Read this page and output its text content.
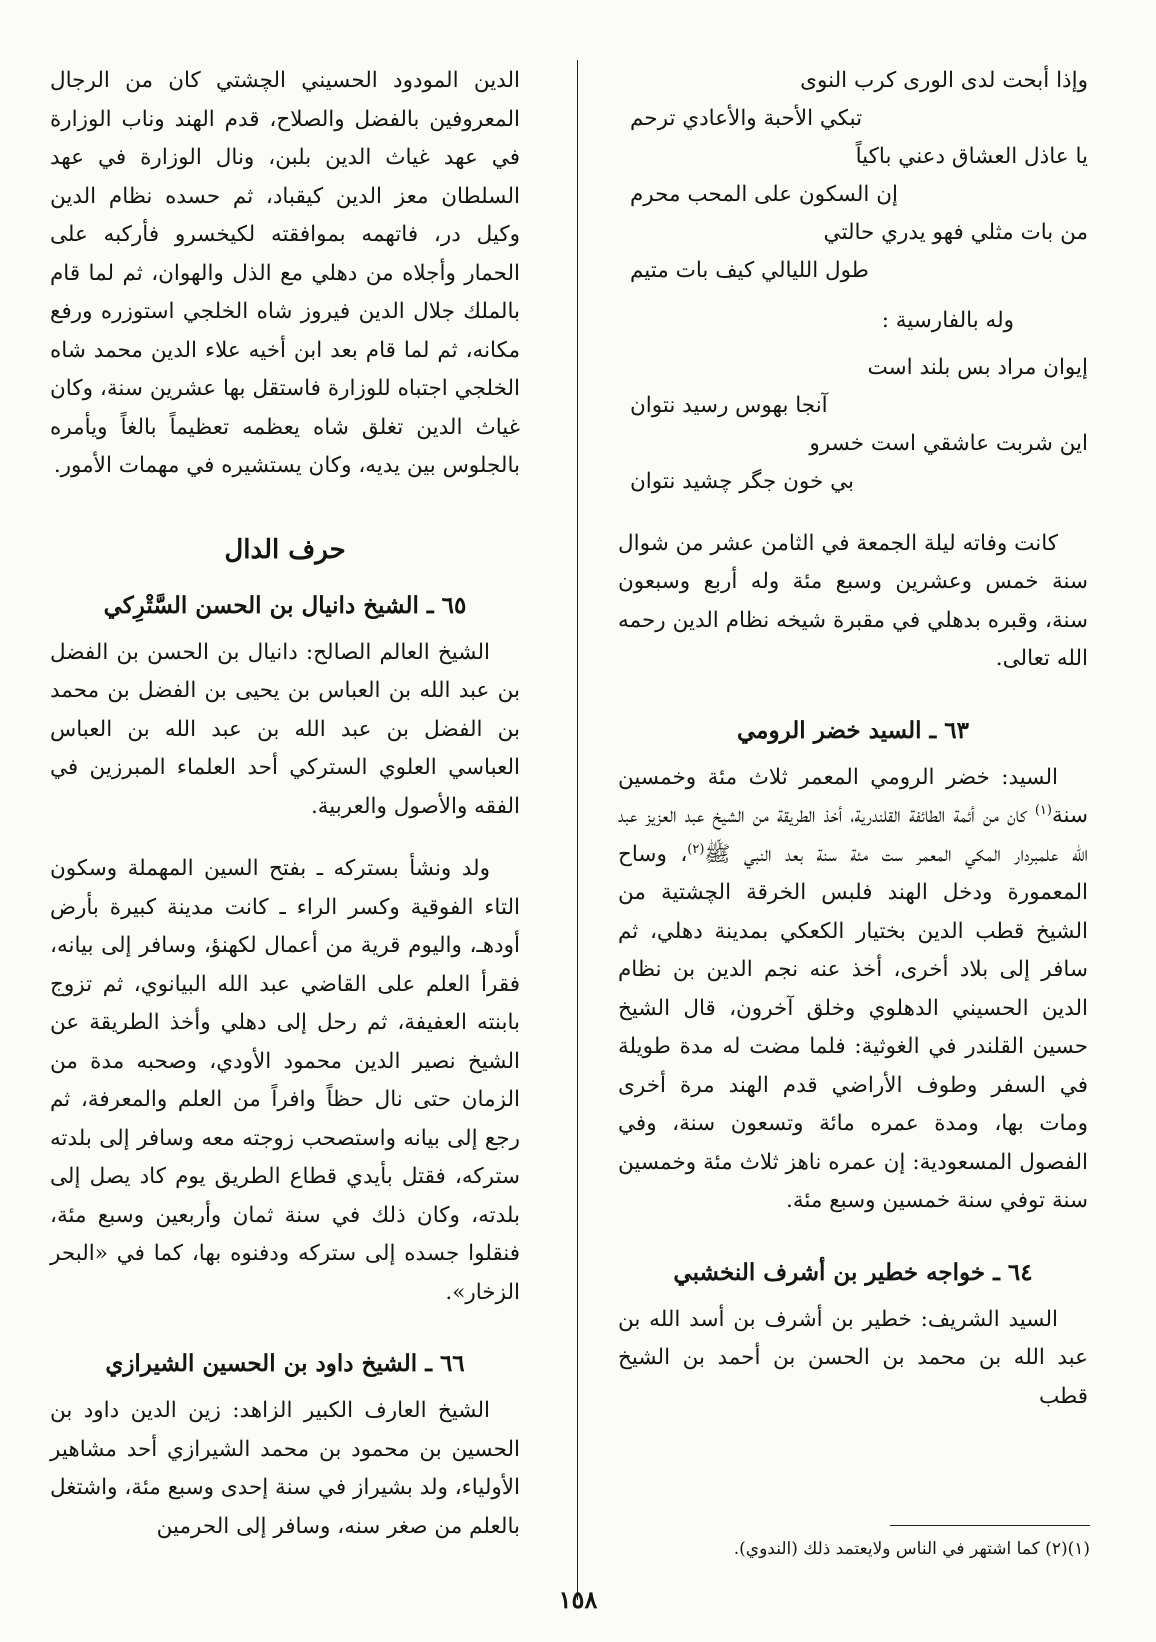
وإذا أبحت لدى الورى كرب النوى

تبكي الأحبة والأعادي ترحم

يا عاذل العشاق دعني باكياً

إن السكون على المحب محرم

من بات مثلي فهو يدري حالتي

طول الليالي كيف بات متيم

وله بالفارسية :

إيوان مراد بس بلند است

آنجا بهوس رسيد نتوان

اين شربت عاشقي است خسرو

بي خون جگر چشيد نتوان

كانت وفاته ليلة الجمعة في الثامن عشر من شوال سنة خمس وعشرين وسبع مئة وله أربع وسبعون سنة، وقبره بدهلي في مقبرة شيخه نظام الدين رحمه الله تعالى.

٦٣ ـ السيد خضر الرومي

السيد: خضر الرومي المعمر ثلاث مئة وخمسين سنة$^{(١)}$ كان من أئمة الطائفة القلندرية، أخذ الطريقة من الشيخ عبد العزيز عبد الله علمبردار المكي المعمر ست مئة سنة بعد النبي ﷺ$^{(٢)}$، وساح المعمورة ودخل الهند فلبس الخرقة الچشتية من الشيخ قطب الدين بختيار الكعكي بمدينة دهلي، ثم سافر إلى بلاد أخرى، أخذ عنه نجم الدين بن نظام الدين الحسيني الدهلوي وخلق آخرون، قال الشيخ حسين القلندر في الغوثية: فلما مضت له مدة طويلة في السفر وطوف الأراضي قدم الهند مرة أخرى ومات بها، ومدة عمره مائة وتسعون سنة، وفي الفصول المسعودية: إن عمره ناهز ثلاث مئة وخمسين سنة توفي سنة خمسين وسبع مئة.

٦٤ ـ خواجه خطير بن أشرف النخشبي

السيد الشريف: خطير بن أشرف بن أسد الله بن عبد الله بن محمد بن الحسن بن أحمد بن الشيخ قطب

الدين المودود الحسيني الچشتي كان من الرجال المعروفين بالفضل والصلاح، قدم الهند وناب الوزارة في عهد غياث الدين بلبن، ونال الوزارة في عهد السلطان معز الدين كيقباد، ثم حسده نظام الدين وكيل در، فاتهمه بموافقته لكيخسرو فأركبه على الحمار وأجلاه من دهلي مع الذل والهوان، ثم لما قام بالملك جلال الدين فيروز شاه الخلجي استوزره ورفع مكانه، ثم لما قام بعد ابن أخيه علاء الدين محمد شاه الخلجي اجتباه للوزارة فاستقل بها عشرين سنة، وكان غياث الدين تغلق شاه يعظمه تعظيماً بالغاً ويأمره بالجلوس بين يديه، وكان يستشيره في مهمات الأمور.

حرف الدال
٦٥ ـ الشيخ دانيال بن الحسن السَّتْرِكي

الشيخ العالم الصالح: دانيال بن الحسن بن الفضل بن عبد الله بن العباس بن يحيى بن الفضل بن محمد بن الفضل بن عبد الله بن عبد الله بن العباس العباسي العلوي الستركي أحد العلماء المبرزين في الفقه والأصول والعربية.

ولد ونشأ بستركه ـ بفتح السين المهملة وسكون التاء الفوقية وكسر الراء ـ كانت مدينة كبيرة بأرض أودهـ، واليوم قرية من أعمال لكهنؤ، وسافر إلى بيانه، فقرأ العلم على القاضي عبد الله البيانوي، ثم تزوج بابنته العفيفة، ثم رحل إلى دهلي وأخذ الطريقة عن الشيخ نصير الدين محمود الأودي، وصحبه مدة من الزمان حتى نال حظاً وافراً من العلم والمعرفة، ثم رجع إلى بيانه واستصحب زوجته معه وسافر إلى بلدته ستركه، فقتل بأيدي قطاع الطريق يوم كاد يصل إلى بلدته، وكان ذلك في سنة ثمان وأربعين وسبع مئة، فنقلوا جسده إلى ستركه ودفنوه بها، كما في «البحر الزخار».

٦٦ ـ الشيخ داود بن الحسين الشيرازي

الشيخ العارف الكبير الزاهد: زين الدين داود بن الحسين بن محمود بن محمد الشيرازي أحد مشاهير الأولياء، ولد بشيراز في سنة إحدى وسبع مئة، واشتغل بالعلم من صغر سنه، وسافر إلى الحرمين

(١)(٢) كما اشتهر في الناس ولايعتمد ذلك (الندوي).

١٥٨
